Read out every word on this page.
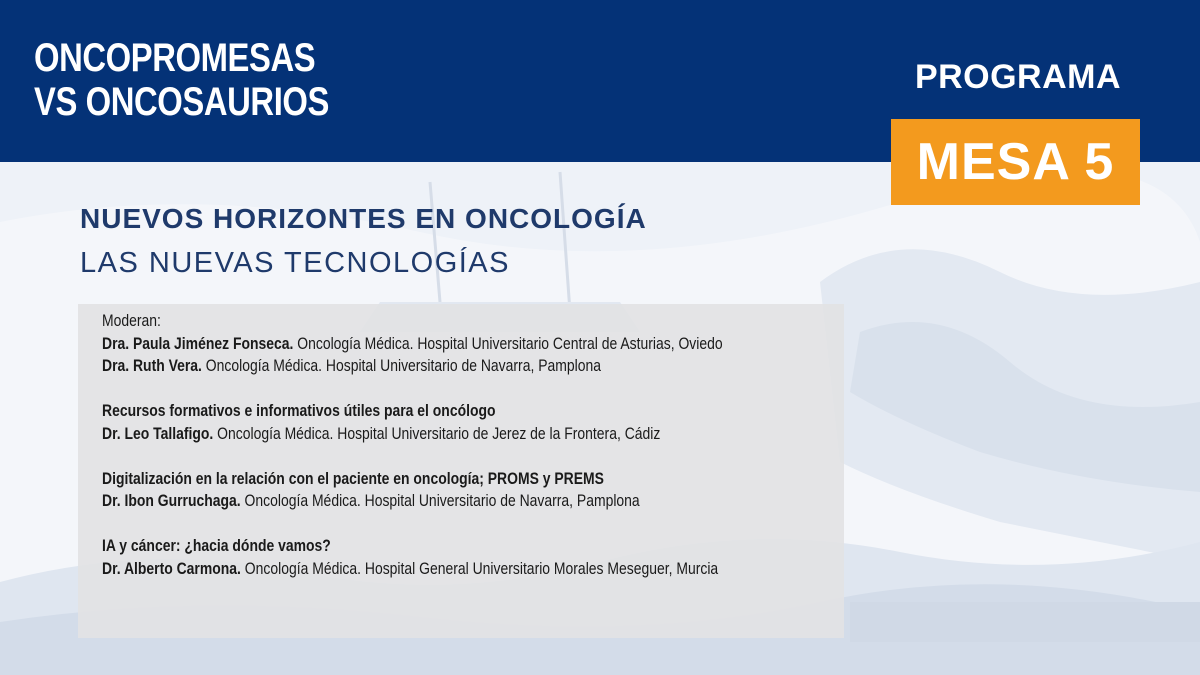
ONCOPROMESAS
VS ONCOSAURIOS
PROGRAMA
MESA 5
NUEVOS HORIZONTES EN ONCOLOGÍA
LAS NUEVAS TECNOLOGÍAS
Moderan:
Dra. Paula Jiménez Fonseca. Oncología Médica. Hospital Universitario Central de Asturias, Oviedo
Dra. Ruth Vera. Oncología Médica. Hospital Universitario de Navarra, Pamplona
Recursos formativos e informativos útiles para el oncólogo
Dr. Leo Tallafigo. Oncología Médica. Hospital Universitario de Jerez de la Frontera, Cádiz
Digitalización en la relación con el paciente en oncología; PROMS y PREMS
Dr. Ibon Gurruchaga. Oncología Médica. Hospital Universitario de Navarra, Pamplona
IA y cáncer: ¿hacia dónde vamos?
Dr. Alberto Carmona. Oncología Médica. Hospital General Universitario Morales Meseguer, Murcia
